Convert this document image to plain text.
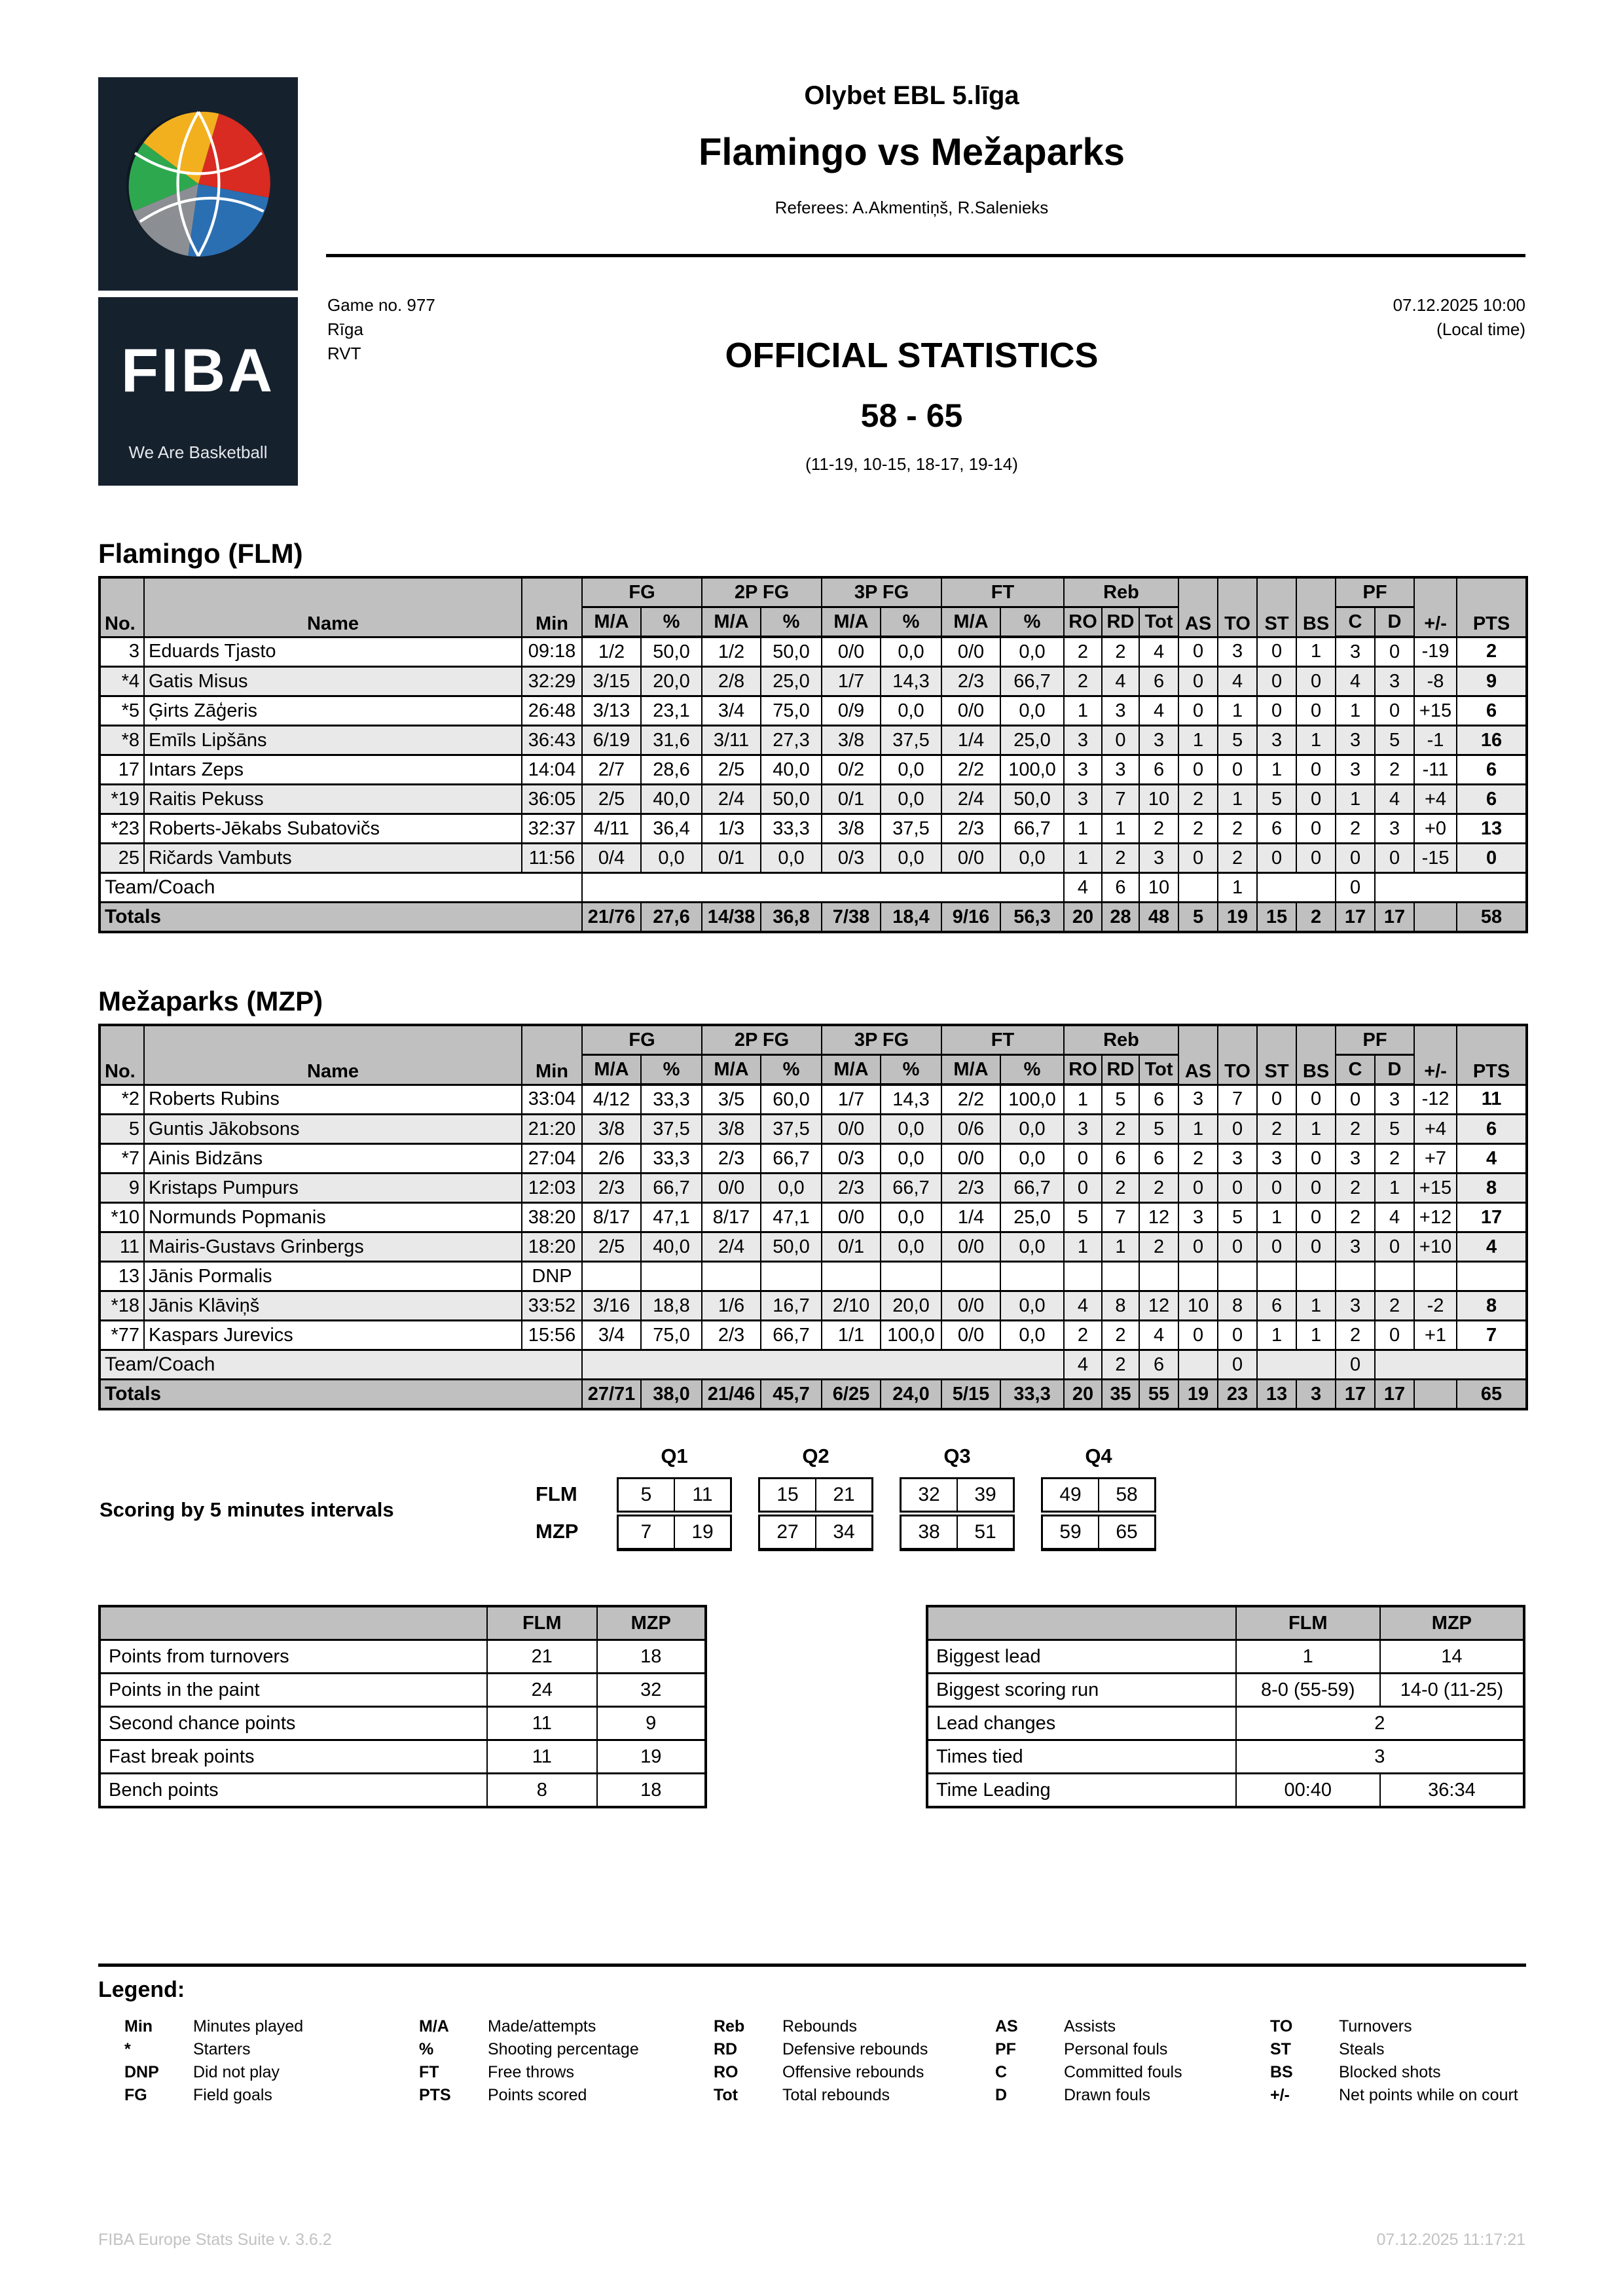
FIBA
We Are Basketball
Olybet EBL 5.līga
Flamingo vs Mežaparks
Referees: A.Akmentiņš, R.Salenieks
Game no. 977
Rīga
RVT
07.12.2025 10:00
(Local time)
OFFICIAL STATISTICS
58 - 65
(11-19, 10-15, 18-17, 19-14)
Flamingo (FLM)
No.	Name	Min	FG		2P FG		3P FG		FT		Reb			AS	TO	ST	BS	PF		+/-	PTS
			M/A	%	M/A	%	M/A	%	M/A	%	RO	RD	Tot					C	D		
3	Eduards Tjasto	09:18	1/2	50,0	1/2	50,0	0/0	0,0	0/0	0,0	2	2	4	0	3	0	1	3	0	-19	2
*4	Gatis Misus	32:29	3/15	20,0	2/8	25,0	1/7	14,3	2/3	66,7	2	4	6	0	4	0	0	4	3	-8	9
*5	Ģirts Zāģeris	26:48	3/13	23,1	3/4	75,0	0/9	0,0	0/0	0,0	1	3	4	0	1	0	0	1	0	+15	6
*8	Emīls Lipšāns	36:43	6/19	31,6	3/11	27,3	3/8	37,5	1/4	25,0	3	0	3	1	5	3	1	3	5	-1	16
17	Intars Zeps	14:04	2/7	28,6	2/5	40,0	0/2	0,0	2/2	100,0	3	3	6	0	0	1	0	3	2	-11	6
*19	Raitis Pekuss	36:05	2/5	40,0	2/4	50,0	0/1	0,0	2/4	50,0	3	7	10	2	1	5	0	1	4	+4	6
*23	Roberts-Jēkabs Subatovičs	32:37	4/11	36,4	1/3	33,3	3/8	37,5	2/3	66,7	1	1	2	2	2	6	0	2	3	+0	13
25	Ričards Vambuts	11:56	0/4	0,0	0/1	0,0	0/3	0,0	0/0	0,0	1	2	3	0	2	0	0	0	0	-15	0
Team/Coach											4	6	10		1			0			
Totals			21/76	27,6	14/38	36,8	7/38	18,4	9/16	56,3	20	28	48	5	19	15	2	17	17		58
Mežaparks (MZP)
No.	Name	Min	FG		2P FG		3P FG		FT		Reb			AS	TO	ST	BS	PF		+/-	PTS
			M/A	%	M/A	%	M/A	%	M/A	%	RO	RD	Tot					C	D		
*2	Roberts Rubins	33:04	4/12	33,3	3/5	60,0	1/7	14,3	2/2	100,0	1	5	6	3	7	0	0	0	3	-12	11
5	Guntis Jākobsons	21:20	3/8	37,5	3/8	37,5	0/0	0,0	0/6	0,0	3	2	5	1	0	2	1	2	5	+4	6
*7	Ainis Bidzāns	27:04	2/6	33,3	2/3	66,7	0/3	0,0	0/0	0,0	0	6	6	2	3	3	0	3	2	+7	4
9	Kristaps Pumpurs	12:03	2/3	66,7	0/0	0,0	2/3	66,7	2/3	66,7	0	2	2	0	0	0	0	2	1	+15	8
*10	Normunds Popmanis	38:20	8/17	47,1	8/17	47,1	0/0	0,0	1/4	25,0	5	7	12	3	5	1	0	2	4	+12	17
11	Mairis-Gustavs Grinbergs	18:20	2/5	40,0	2/4	50,0	0/1	0,0	0/0	0,0	1	1	2	0	0	0	0	3	0	+10	4
13	Jānis Pormalis	DNP																			
*18	Jānis Klāviņš	33:52	3/16	18,8	1/6	16,7	2/10	20,0	0/0	0,0	4	8	12	10	8	6	1	3	2	-2	8
*77	Kaspars Jurevics	15:56	3/4	75,0	2/3	66,7	1/1	100,0	0/0	0,0	2	2	4	0	0	1	1	2	0	+1	7
Team/Coach											4	2	6		0			0			
Totals			27/71	38,0	21/46	45,7	6/25	24,0	5/15	33,3	20	35	55	19	23	13	3	17	17		65
Scoring by 5 minutes intervals
Q1	Q2	Q3	Q4
FLM	5	11	15	21	32	39	49	58
MZP	7	19	27	34	38	51	59	65
	FLM	MZP
Points from turnovers	21	18
Points in the paint	24	32
Second chance points	11	9
Fast break points	11	19
Bench points	8	18
	FLM	MZP
Biggest lead	1	14
Biggest scoring run	8-0 (55-59)	14-0 (11-25)
Lead changes	2	
Times tied	3	
Time Leading	00:40	36:34
Legend:
Min	Minutes played
*	Starters
DNP	Did not play
FG	Field goals
M/A	Made/attempts
%	Shooting percentage
FT	Free throws
PTS	Points scored
Reb	Rebounds
RD	Defensive rebounds
RO	Offensive rebounds
Tot	Total rebounds
AS	Assists
PF	Personal fouls
C	Committed fouls
D	Drawn fouls
TO	Turnovers
ST	Steals
BS	Blocked shots
+/-	Net points while on court
FIBA Europe Stats Suite v. 3.6.2	07.12.2025 11:17:21
